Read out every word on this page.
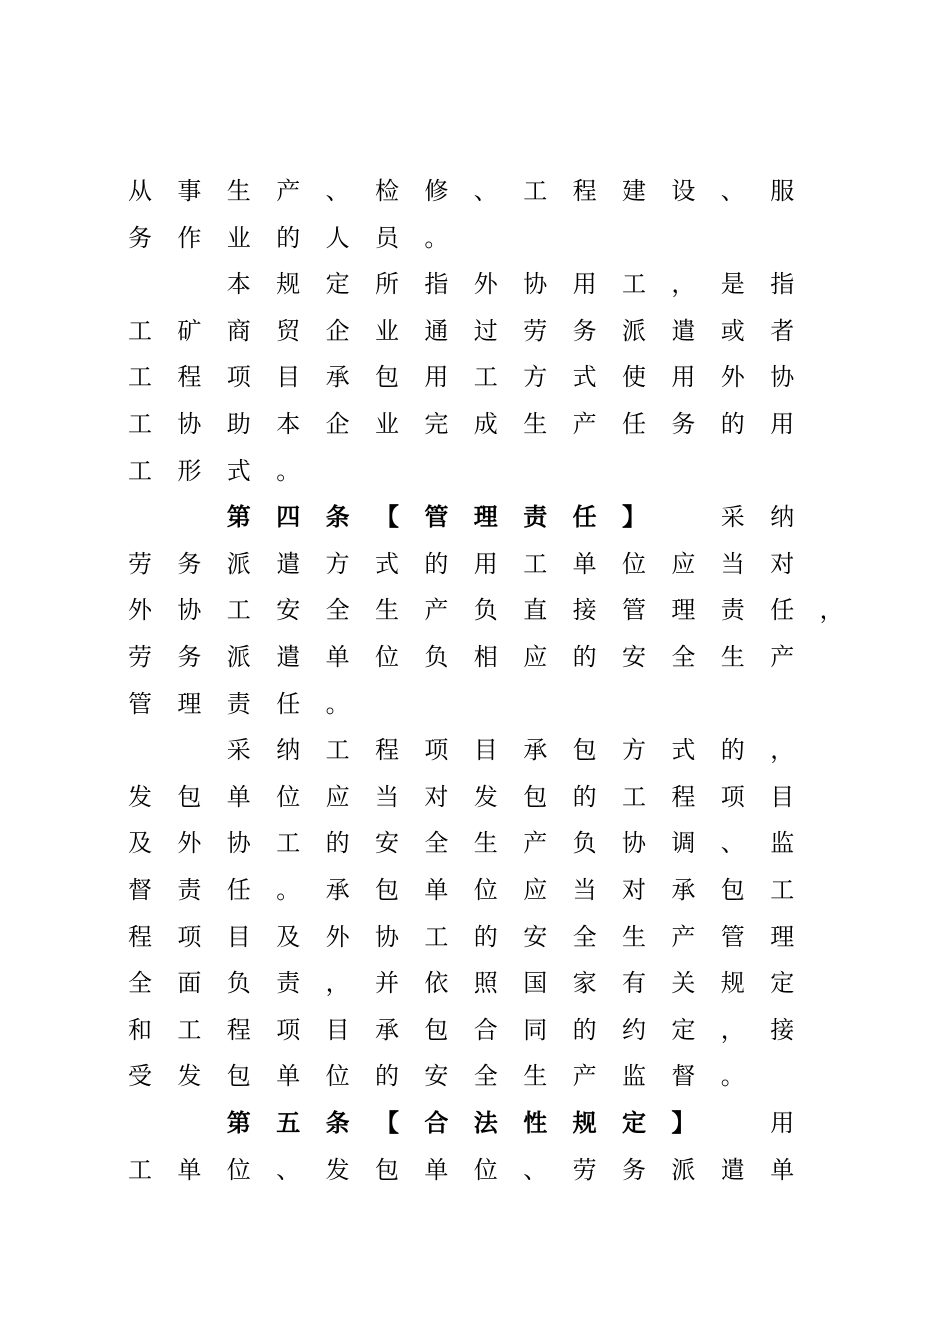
从 事 生 产 、 检 修 、 工 程 建 设 、 服
务 作 业 的 人 员 。
本 规 定 所 指 外 协 用 工 ， 是 指
工 矿 商 贸 企 业 通 过 劳 务 派 遣 或 者
工 程 项 目 承 包 用 工 方 式 使 用 外 协
工 协 助 本 企 业 完 成 生 产 任 务 的 用
工 形 式 。
第 四 条 【 管 理 责 任 】
　	采 纳
劳 务 派 遣 方 式 的 用 工 单 位 应 当 对
外 协 工 安 全 生 产 负 直 接 管 理 责 任 ，
劳 务 派 遣 单 位 负 相 应 的 安 全 生 产
管 理 责 任 。
采 纳 工 程 项 目 承 包 方 式 的 ，
发 包 单 位 应 当 对 发 包 的 工 程 项 目
及 外 协 工 的 安 全 生 产 负 协 调 、 监
督 责 任 。 承 包 单 位 应 当 对 承 包 工
程 项 目 及 外 协 工 的 安 全 生 产 管 理
全 面 负 责 ， 并 依 照 国 家 有 关 规 定
和 工 程 项 目 承 包 合 同 的 约 定 ， 接
受 发 包 单 位 的 安 全 生 产 监 督 。
第 五 条 【 合 法 性 规 定 】
　	用
工 单 位 、 发 包 单 位 、 劳 务 派 遣 单
